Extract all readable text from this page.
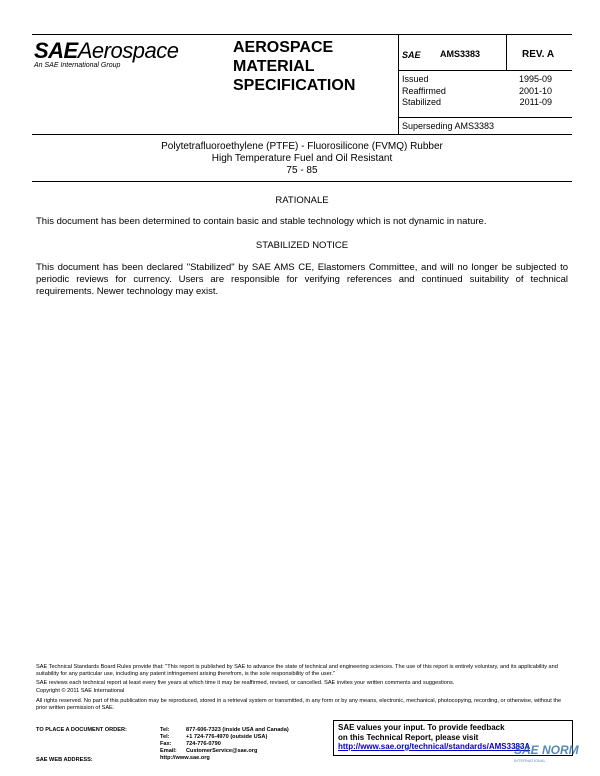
SAEAerospace
An SAE International Group
AEROSPACE
MATERIAL
SPECIFICATION
SAE AMS3383	REV. A
Issued	1995-09
Reaffirmed	2001-10
Stabilized	2011-09
Superseding AMS3383
Polytetrafluoroethylene (PTFE) - Fluorosilicone (FVMQ) Rubber
High Temperature Fuel and Oil Resistant
75 - 85
RATIONALE
This document has been determined to contain basic and stable technology which is not dynamic in nature.
STABILIZED NOTICE
This document has been declared "Stabilized" by SAE AMS CE, Elastomers Committee, and will no longer be subjected to periodic reviews for currency. Users are responsible for verifying references and continued suitability of technical requirements. Newer technology may exist.
SAE Technical Standards Board Rules provide that: "This report is published by SAE to advance the state of technical and engineering sciences. The use of this report is entirely voluntary, and its applicability and suitability for any particular use, including any patent infringement arising therefrom, is the sole responsibility of the user."
SAE reviews each technical report at least every five years at which time it may be reaffirmed, revised, or cancelled. SAE invites your written comments and suggestions.
Copyright © 2011 SAE International
All rights reserved. No part of this publication may be reproduced, stored in a retrieval system or transmitted, in any form or by any means, electronic, mechanical, photocopying, recording, or otherwise, without the prior written permission of SAE.
TO PLACE A DOCUMENT ORDER:	Tel:	877-606-7323 (inside USA and Canada)
Tel:	+1 724-776-4970 (outside USA)
Fax:	724-776-0790
Email: CustomerService@sae.org
SAE WEB ADDRESS:	http://www.sae.org
SAE values your input. To provide feedback
on this Technical Report, please visit
http://www.sae.org/technical/standards/AMS3383A
SAE NORM
INTERNATIONAL
